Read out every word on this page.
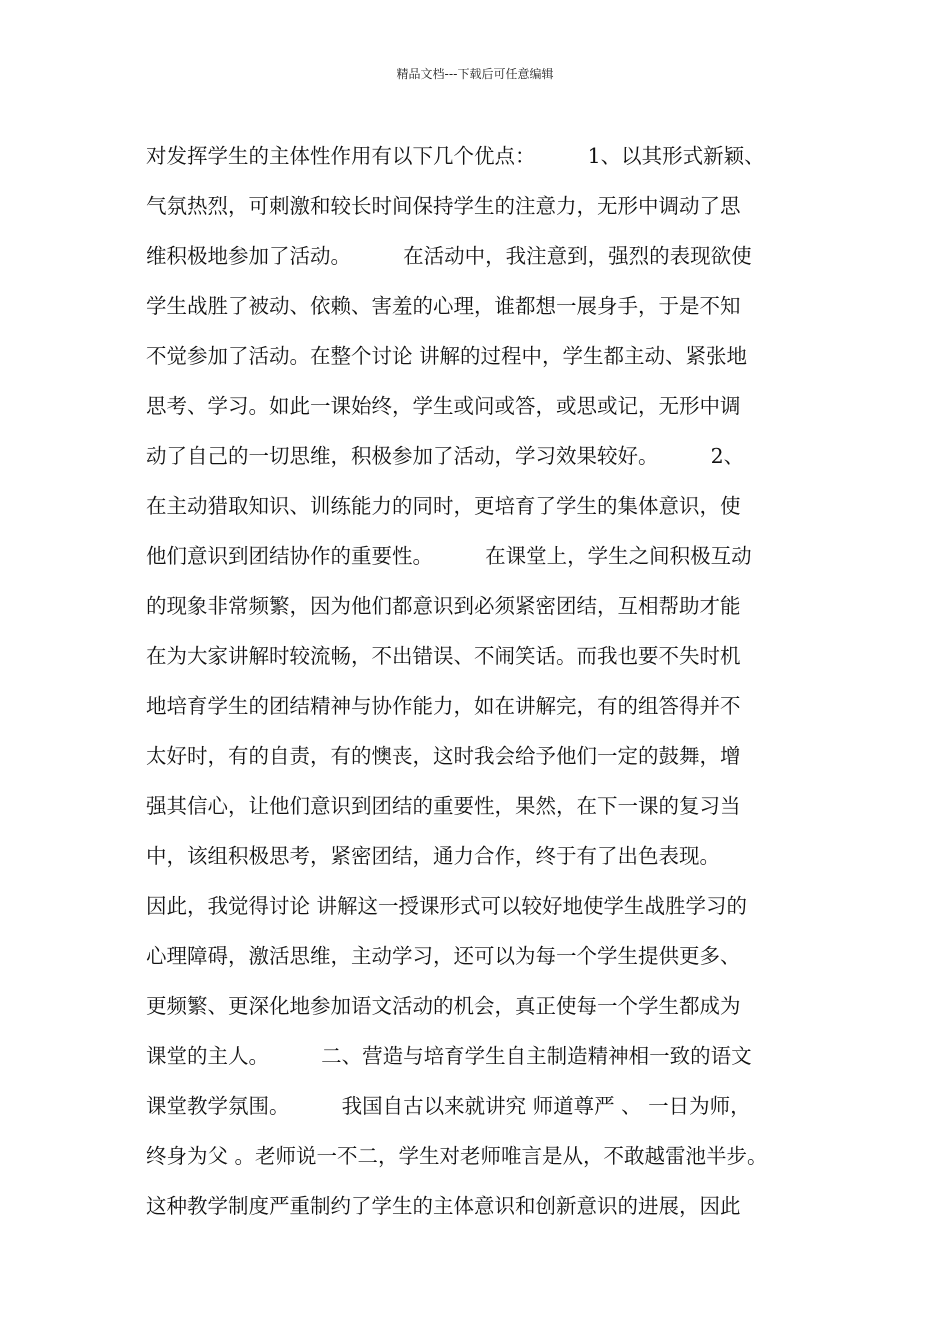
精品文档---下载后可任意编辑
对发挥学生的主体性作用有以下几个优点：        1、以其形式新颖、
气氛热烈，可刺激和较长时间保持学生的注意力，无形中调动了思
维积极地参加了活动。        在活动中，我注意到，强烈的表现欲使
学生战胜了被动、依赖、害羞的心理，谁都想一展身手，于是不知
不觉参加了活动。在整个讨论 讲解的过程中，学生都主动、紧张地
思考、学习。如此一课始终，学生或问或答，或思或记，无形中调
动了自己的一切思维，积极参加了活动，学习效果较好。        2、
在主动猎取知识、训练能力的同时，更培育了学生的集体意识，使
他们意识到团结协作的重要性。        在课堂上，学生之间积极互动
的现象非常频繁，因为他们都意识到必须紧密团结，互相帮助才能
在为大家讲解时较流畅，不出错误、不闹笑话。而我也要不失时机
地培育学生的团结精神与协作能力，如在讲解完，有的组答得并不
太好时，有的自责，有的懊丧，这时我会给予他们一定的鼓舞，增
强其信心，让他们意识到团结的重要性，果然，在下一课的复习当
中，该组积极思考，紧密团结，通力合作，终于有了出色表现。
因此，我觉得讨论 讲解这一授课形式可以较好地使学生战胜学习的
心理障碍，激活思维，主动学习，还可以为每一个学生提供更多、
更频繁、更深化地参加语文活动的机会，真正使每一个学生都成为
课堂的主人。        二、营造与培育学生自主制造精神相一致的语文
课堂教学氛围。        我国自古以来就讲究 师道尊严 、 一日为师，
终身为父 。老师说一不二，学生对老师唯言是从，不敢越雷池半步。
这种教学制度严重制约了学生的主体意识和创新意识的进展，因此
